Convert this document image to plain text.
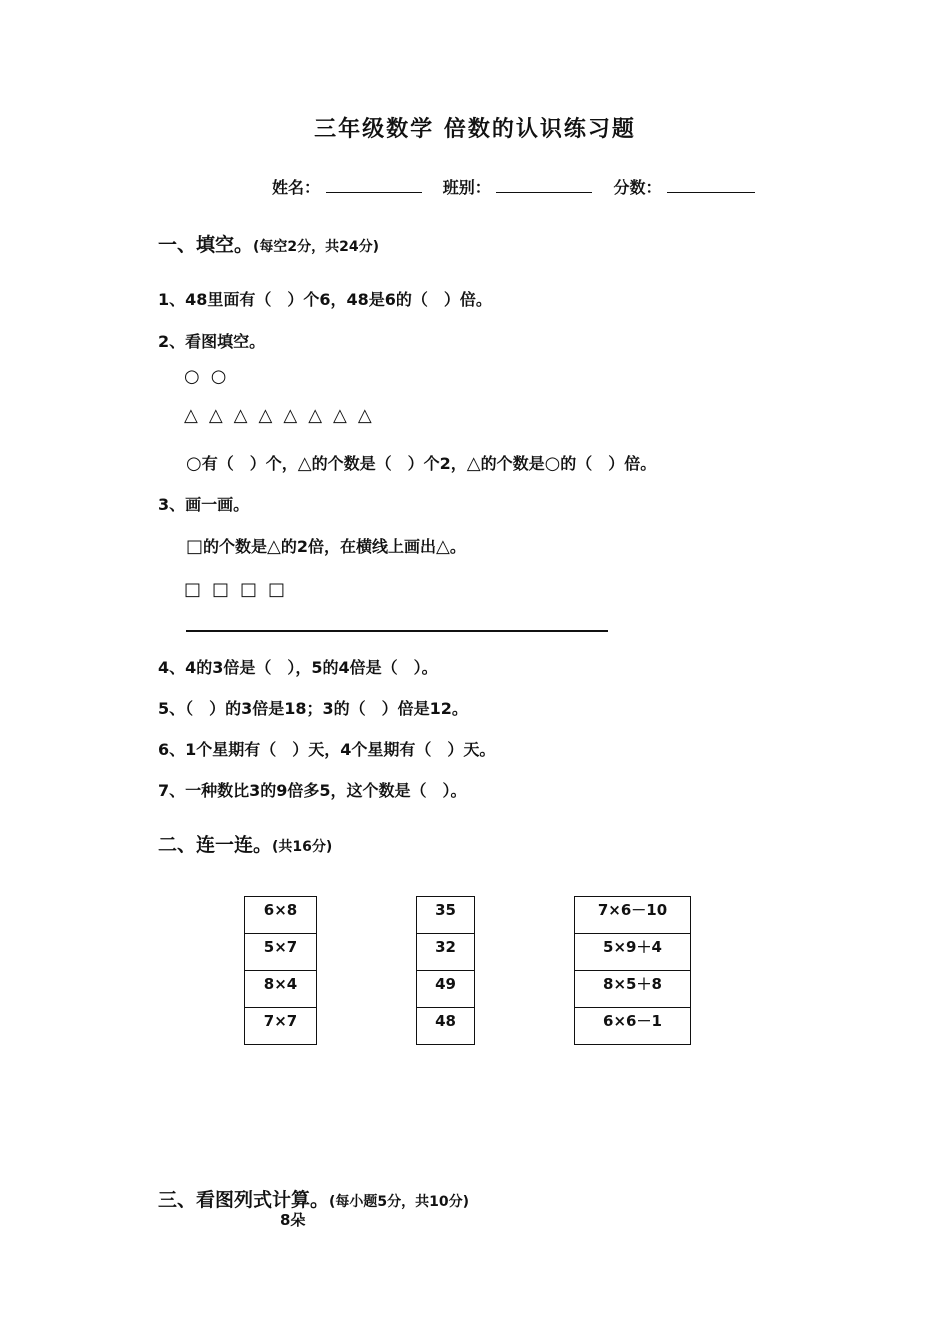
三年级数学 倍数的认识练习题
姓名：	班别：	分数：
一、填空。(每空2分，共24分)
1、48里面有（　）个6，48是6的（　）倍。
2、看图填空。
○○
△△△△△△△△
○有（　）个，△的个数是（　）个2，△的个数是○的（　）倍。
3、画一画。
□的个数是△的2倍，在横线上画出△。
□□□□
4、4的3倍是（　），5的4倍是（　）。
5、（　）的3倍是18；3的（　）倍是12。
6、1个星期有（　）天，4个星期有（　）天。
7、一种数比3的9倍多5，这个数是（　）。
二、连一连。(共16分)
6×8
5×7
8×4
7×7
35
32
49
48
7×6－10
5×9＋4
8×5＋8
6×6－1
三、看图列式计算。(每小题5分，共10分)
8朵
